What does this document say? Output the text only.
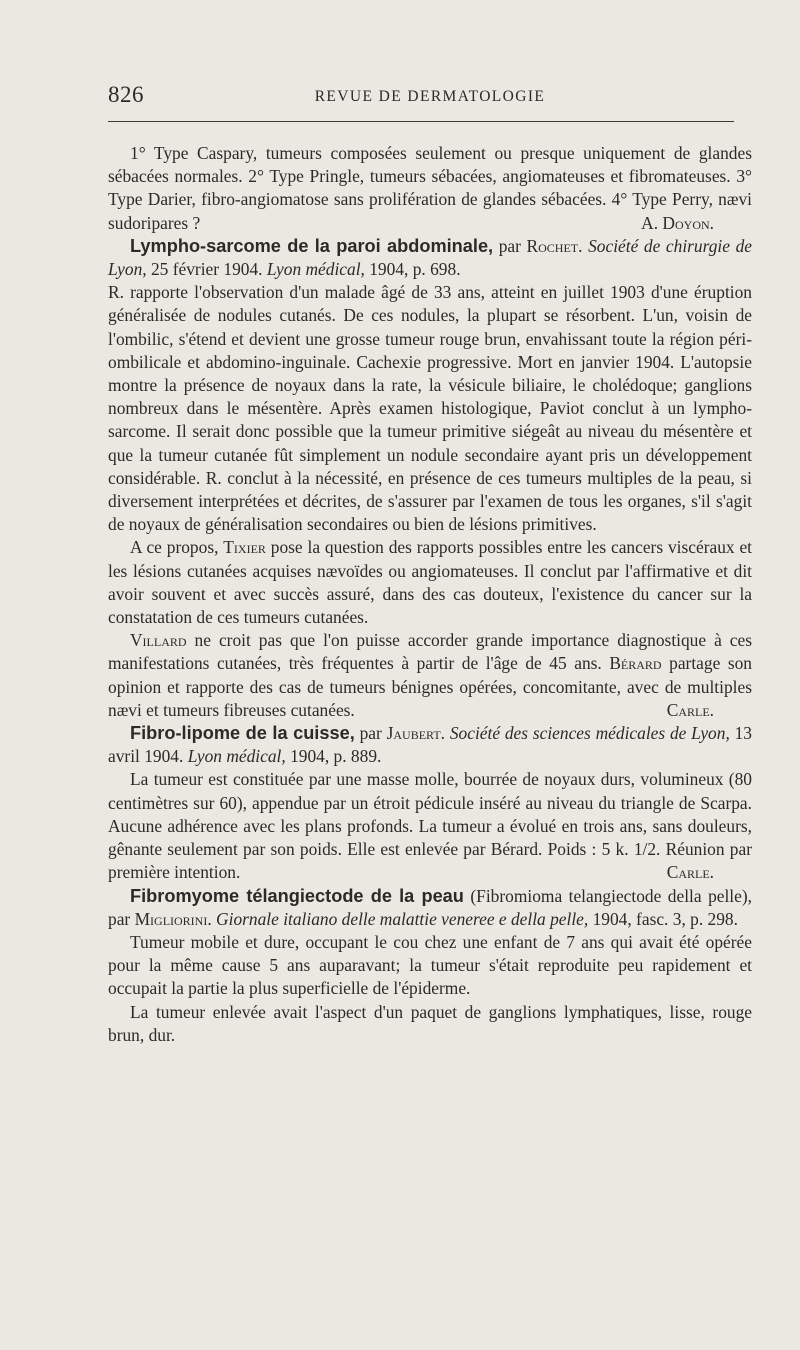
826	REVUE DE DERMATOLOGIE

1° Type Caspary, tumeurs composées seulement ou presque uniquement de glandes sébacées normales. 2° Type Pringle, tumeurs sébacées, angiomateuses et fibromateuses. 3° Type Darier, fibro-angiomatose sans prolifération de glandes sébacées. 4° Type Perry, nævi sudoripares ?	A. Doyon.

Lympho-sarcome de la paroi abdominale, par Rochet. Société de chirurgie de Lyon, 25 février 1904. Lyon médical, 1904, p. 698.

R. rapporte l'observation d'un malade âgé de 33 ans, atteint en juillet 1903 d'une éruption généralisée de nodules cutanés. De ces nodules, la plupart se résorbent. L'un, voisin de l'ombilic, s'étend et devient une grosse tumeur rouge brun, envahissant toute la région péri-ombilicale et abdomino-inguinale. Cachexie progressive. Mort en janvier 1904. L'autopsie montre la présence de noyaux dans la rate, la vésicule biliaire, le cholédoque; ganglions nombreux dans le mésentère. Après examen histologique, Paviot conclut à un lympho-sarcome. Il serait donc possible que la tumeur primitive siégeât au niveau du mésentère et que la tumeur cutanée fût simplement un nodule secondaire ayant pris un développement considérable. R. conclut à la nécessité, en présence de ces tumeurs multiples de la peau, si diversement interprétées et décrites, de s'assurer par l'examen de tous les organes, s'il s'agit de noyaux de généralisation secondaires ou bien de lésions primitives.

A ce propos, Tixier pose la question des rapports possibles entre les cancers viscéraux et les lésions cutanées acquises nævoïdes ou angiomateuses. Il conclut par l'affirmative et dit avoir souvent et avec succès assuré, dans des cas douteux, l'existence du cancer sur la constatation de ces tumeurs cutanées.

Villard ne croit pas que l'on puisse accorder grande importance diagnostique à ces manifestations cutanées, très fréquentes à partir de l'âge de 45 ans. Bérard partage son opinion et rapporte des cas de tumeurs bénignes opérées, concomitante, avec de multiples nævi et tumeurs fibreuses cutanées.	Carle.

Fibro-lipome de la cuisse, par Jaubert. Société des sciences médicales de Lyon, 13 avril 1904. Lyon médical, 1904, p. 889.

La tumeur est constituée par une masse molle, bourrée de noyaux durs, volumineux (80 centimètres sur 60), appendue par un étroit pédicule inséré au niveau du triangle de Scarpa. Aucune adhérence avec les plans profonds. La tumeur a évolué en trois ans, sans douleurs, gênante seulement par son poids. Elle est enlevée par Bérard. Poids : 5 k. 1/2. Réunion par première intention.	Carle.

Fibromyome télangiectode de la peau (Fibromioma telangiectode della pelle), par Migliorini. Giornale italiano delle malattie veneree e della pelle, 1904, fasc. 3, p. 298.

Tumeur mobile et dure, occupant le cou chez une enfant de 7 ans qui avait été opérée pour la même cause 5 ans auparavant; la tumeur s'était reproduite peu rapidement et occupait la partie la plus superficielle de l'épiderme.

La tumeur enlevée avait l'aspect d'un paquet de ganglions lymphatiques, lisse, rouge brun, dur.
